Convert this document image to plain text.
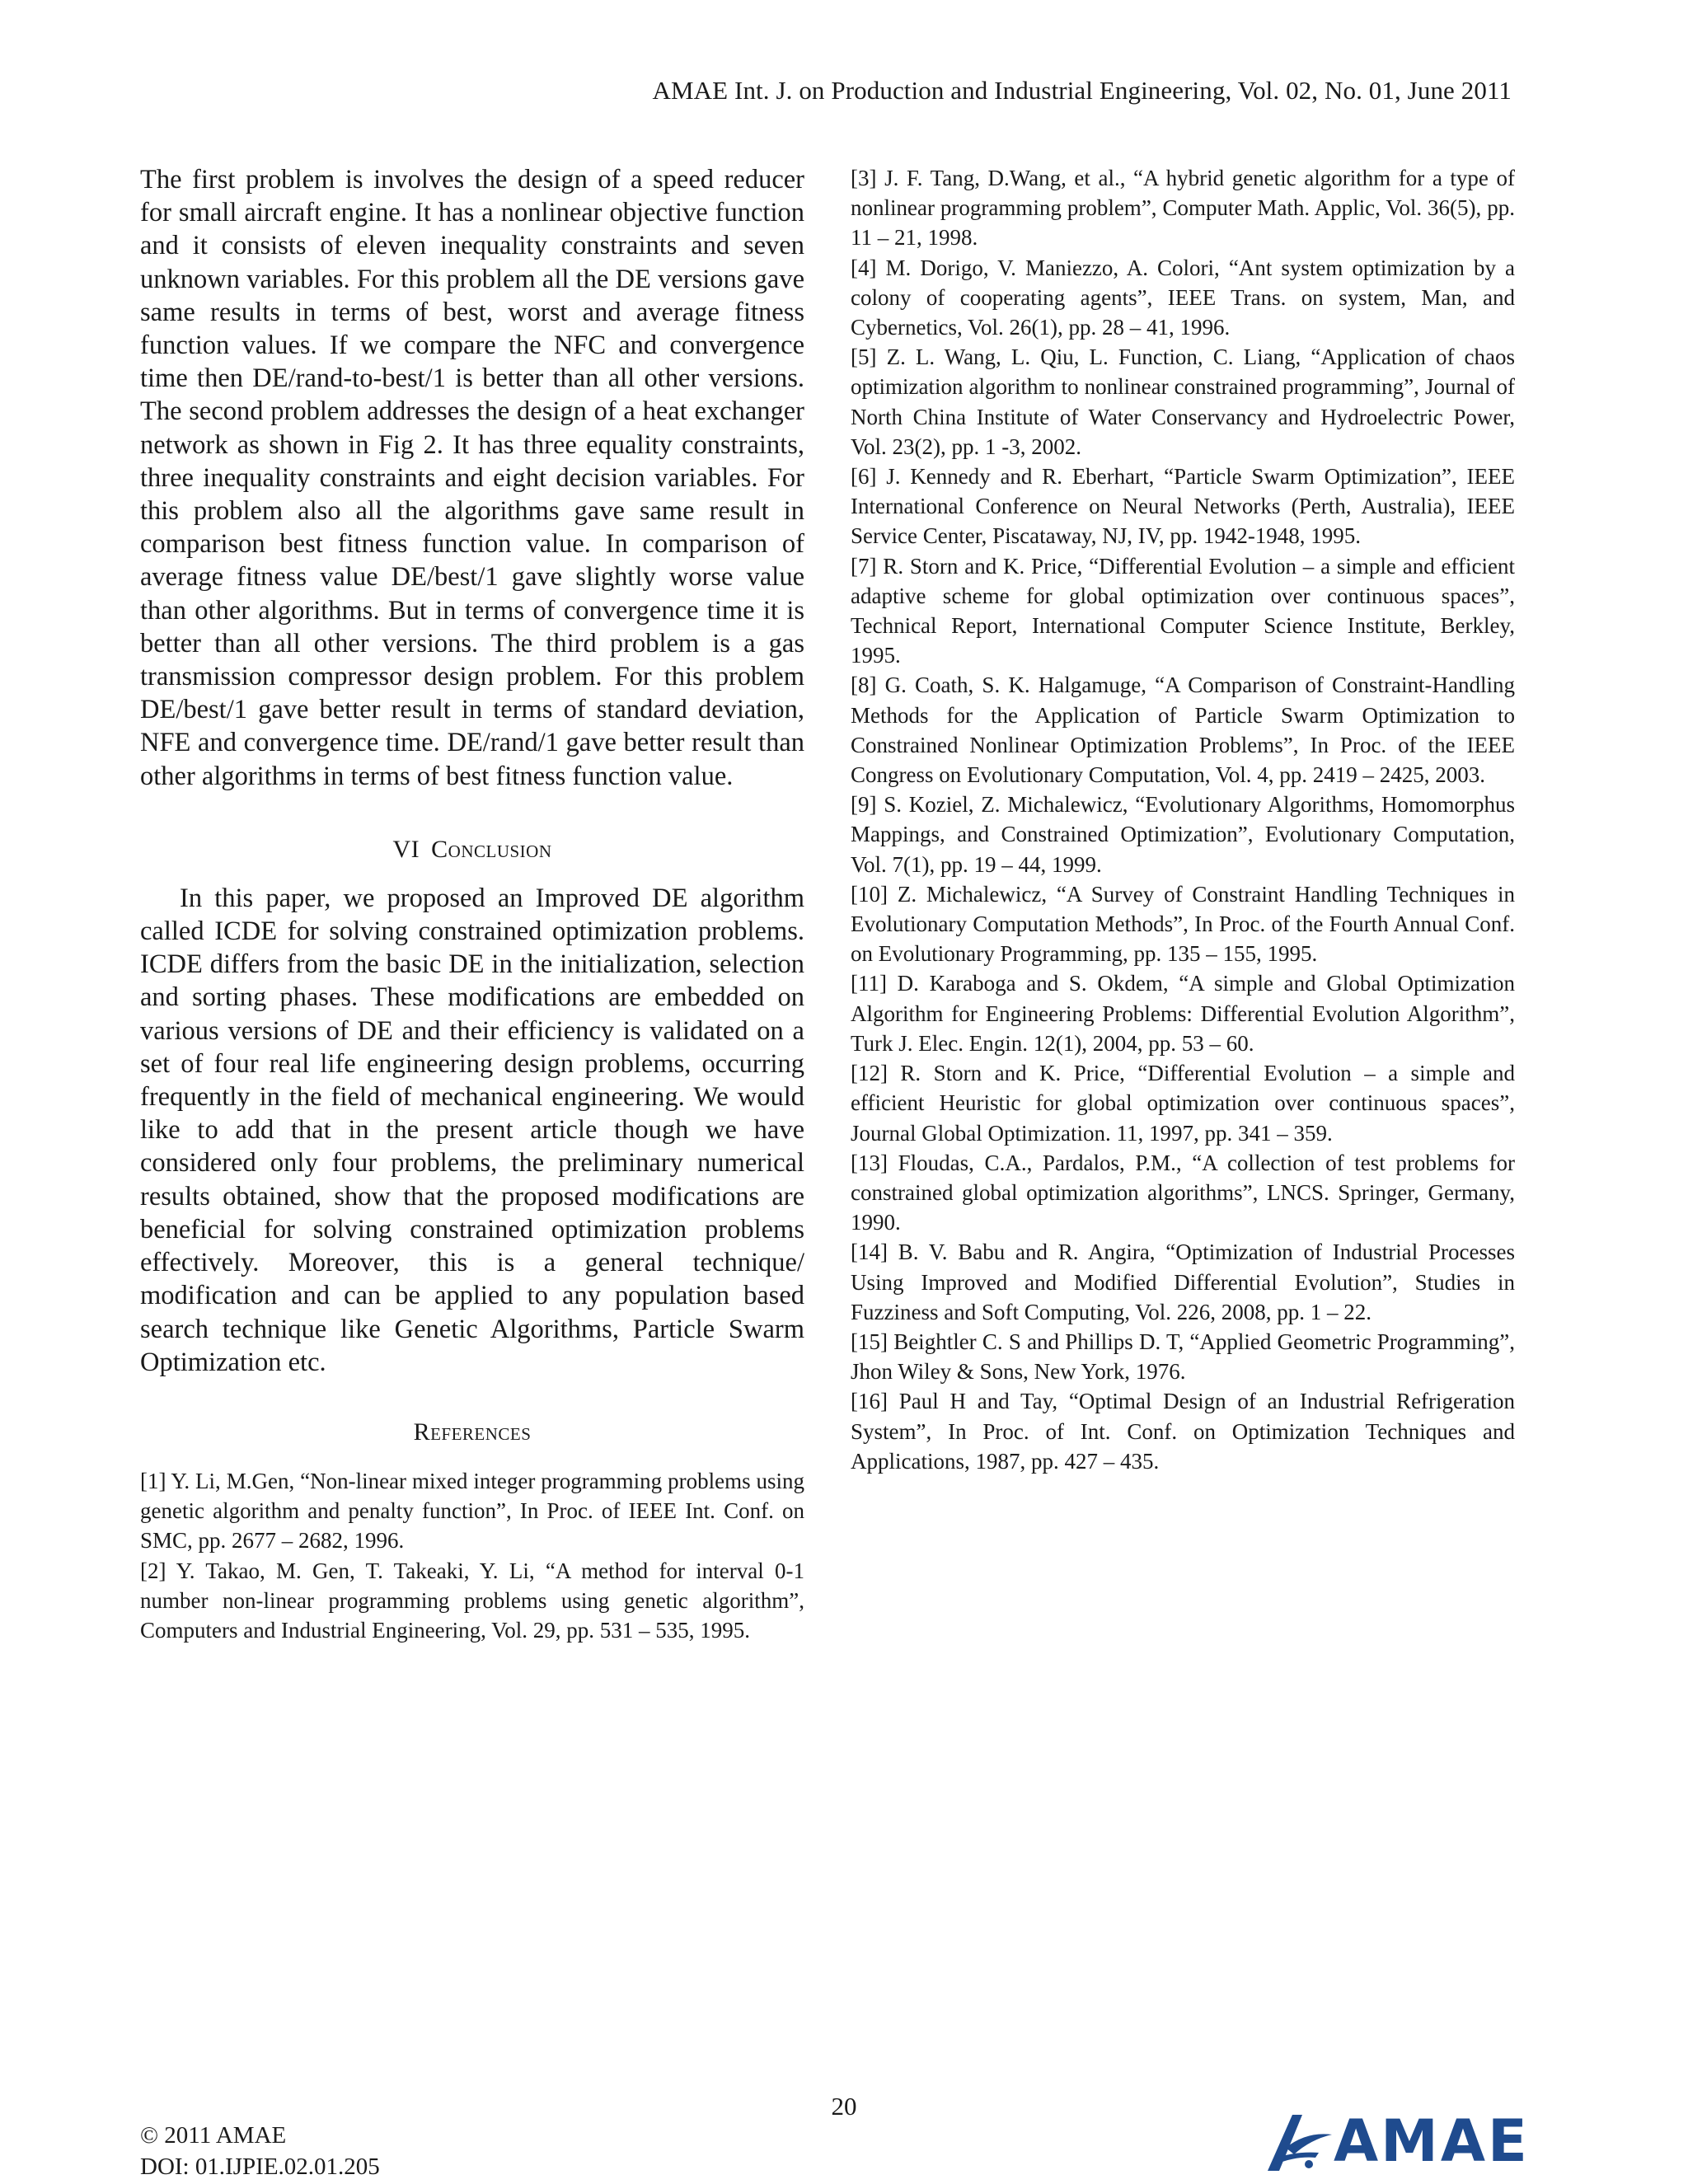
AMAE Int. J. on Production and Industrial Engineering, Vol. 02, No. 01, June 2011

The first problem is involves the design of a speed reducer for small aircraft engine. It has a nonlinear objective function and it consists of eleven inequality constraints and seven unknown variables. For this problem all the DE versions gave same results in terms of best, worst and average fitness function values. If we compare the NFC and convergence time then DE/rand-to-best/1 is better than all other versions. The second problem addresses the design of a heat exchanger network as shown in Fig 2. It has three equality constraints, three inequality constraints and eight decision variables. For this problem also all the algorithms gave same result in comparison best fitness function value. In comparison of average fitness value DE/best/1 gave slightly worse value than other algorithms. But in terms of convergence time it is better than all other versions. The third problem is a gas transmission compressor design problem. For this problem DE/best/1 gave better result in terms of standard deviation, NFE and convergence time. DE/rand/1 gave better result than other algorithms in terms of best fitness function value.

VI Conclusion

In this paper, we proposed an Improved DE algorithm called ICDE for solving constrained optimization problems. ICDE differs from the basic DE in the initialization, selection and sorting phases. These modifications are embedded on various versions of DE and their efficiency is validated on a set of four real life engineering design problems, occurring frequently in the field of mechanical engineering. We would like to add that in the present article though we have considered only four problems, the preliminary numerical results obtained, show that the proposed modifications are beneficial for solving constrained optimization problems effectively. Moreover, this is a general technique/ modification and can be applied to any population based search technique like Genetic Algorithms, Particle Swarm Optimization etc.

References
[1] Y. Li, M.Gen, “Non-linear mixed integer programming problems using genetic algorithm and penalty function”, In Proc. of IEEE Int. Conf. on SMC, pp. 2677 – 2682, 1996.
[2] Y. Takao, M. Gen, T. Takeaki, Y. Li, “A method for interval 0-1 number non-linear programming problems using genetic algorithm”, Computers and Industrial Engineering, Vol. 29, pp. 531 – 535, 1995.
[3] J. F. Tang, D.Wang, et al., “A hybrid genetic algorithm for a type of nonlinear programming problem”, Computer Math. Applic, Vol. 36(5), pp. 11 – 21, 1998.
[4] M. Dorigo, V. Maniezzo, A. Colori, “Ant system optimization by a colony of cooperating agents”, IEEE Trans. on system, Man, and Cybernetics, Vol. 26(1), pp. 28 – 41, 1996.
[5] Z. L. Wang, L. Qiu, L. Function, C. Liang, “Application of chaos optimization algorithm to nonlinear constrained programming”, Journal of North China Institute of Water Conservancy and Hydroelectric Power, Vol. 23(2), pp. 1 -3, 2002.
[6] J. Kennedy and R. Eberhart, “Particle Swarm Optimization”, IEEE International Conference on Neural Networks (Perth, Australia), IEEE Service Center, Piscataway, NJ, IV, pp. 1942-1948, 1995.
[7] R. Storn and K. Price, “Differential Evolution – a simple and efficient adaptive scheme for global optimization over continuous spaces”, Technical Report, International Computer Science Institute, Berkley, 1995.
[8] G. Coath, S. K. Halgamuge, “A Comparison of Constraint-Handling Methods for the Application of Particle Swarm Optimization to Constrained Nonlinear Optimization Problems”, In Proc. of the IEEE Congress on Evolutionary Computation, Vol. 4, pp. 2419 – 2425, 2003.
[9] S. Koziel, Z. Michalewicz, “Evolutionary Algorithms, Homomorphus Mappings, and Constrained Optimization”, Evolutionary Computation, Vol. 7(1), pp. 19 – 44, 1999.
[10] Z. Michalewicz, “A Survey of Constraint Handling Techniques in Evolutionary Computation Methods”, In Proc. of the Fourth Annual Conf. on Evolutionary Programming, pp. 135 – 155, 1995.
[11] D. Karaboga and S. Okdem, “A simple and Global Optimization Algorithm for Engineering Problems: Differential Evolution Algorithm”, Turk J. Elec. Engin. 12(1), 2004, pp. 53 – 60.
[12] R. Storn and K. Price, “Differential Evolution – a simple and efficient Heuristic for global optimization over continuous spaces”, Journal Global Optimization. 11, 1997, pp. 341 – 359.
[13] Floudas, C.A., Pardalos, P.M., “A collection of test problems for constrained global optimization algorithms”, LNCS. Springer, Germany, 1990.
[14] B. V. Babu and R. Angira, “Optimization of Industrial Processes Using Improved and Modified Differential Evolution”, Studies in Fuzziness and Soft Computing, Vol. 226, 2008, pp. 1 – 22.
[15] Beightler C. S and Phillips D. T, “Applied Geometric Programming”, Jhon Wiley & Sons, New York, 1976.
[16] Paul H and Tay, “Optimal Design of an Industrial Refrigeration System”, In Proc. of Int. Conf. on Optimization Techniques and Applications, 1987, pp. 427 – 435.
20
© 2011 AMAE
DOI: 01.IJPIE.02.01.205	AMAE
